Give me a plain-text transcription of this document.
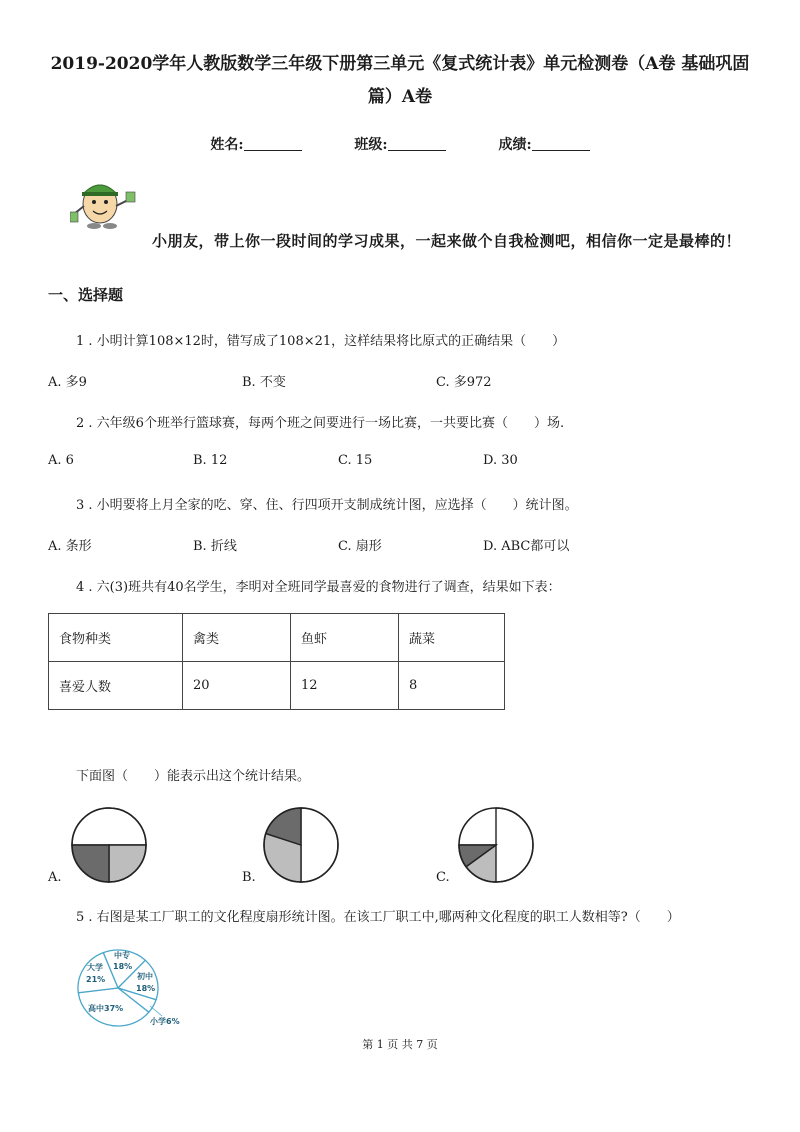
2019-2020学年人教版数学三年级下册第三单元《复式统计表》单元检测卷（A卷 基础巩固篇）A卷
姓名:	班级:	成绩:
小朋友，带上你一段时间的学习成果，一起来做个自我检测吧，相信你一定是最棒的！
一、选择题
1 . 小明计算108×12时，错写成了108×21，这样结果将比原式的正确结果（　　）
A. 多9	B. 不变	C. 多972
2 . 六年级6个班举行篮球赛，每两个班之间要进行一场比赛，一共要比赛（　　）场.
A. 6	B. 12	C. 15	D. 30
3 . 小明要将上月全家的吃、穿、住、行四项开支制成统计图，应选择（　　）统计图。
A. 条形	B. 折线	C. 扇形	D. ABC都可以
4 . 六(3)班共有40名学生，李明对全班同学最喜爱的食物进行了调查，结果如下表：
食物种类	禽类	鱼虾	蔬菜
喜爱人数	20	12	8
下面图（　　）能表示出这个统计结果。
A.	B.	C.
5 . 右图是某工厂职工的文化程度扇形统计图。在该工厂职工中,哪两种文化程度的职工人数相等?（　　）
中专
18%
初中
18%
大学
21%
高中37%
小学6%
第 1 页 共 7 页
